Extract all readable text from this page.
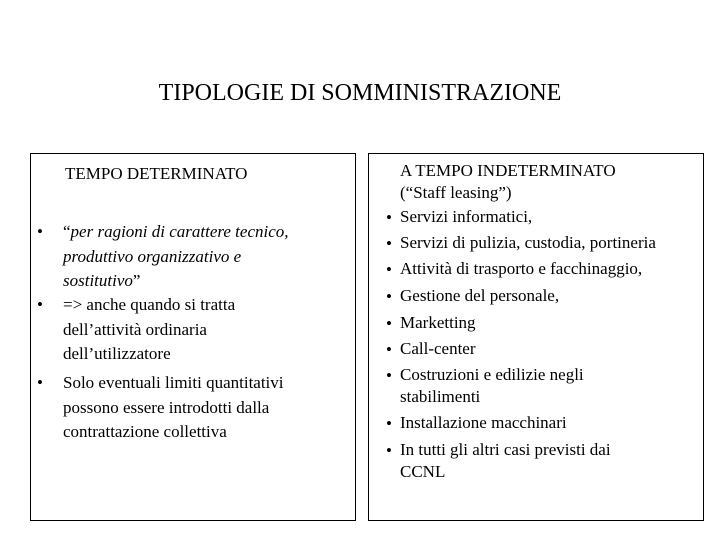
TIPOLOGIE DI SOMMINISTRAZIONE
TEMPO DETERMINATO
• “per ragioni di carattere tecnico,
produttivo organizzativo e
sostitutivo”
• => anche quando si tratta
dell’attività ordinaria
dell’utilizzatore
• Solo eventuali limiti quantitativi
possono essere introdotti dalla
contrattazione collettiva
A TEMPO INDETERMINATO
(“Staff leasing”)
• Servizi informatici,
• Servizi di pulizia, custodia, portineria
• Attività di trasporto e facchinaggio,
• Gestione del personale,
• Marketting
• Call-center
• Costruzioni e edilizie negli
stabilimenti
• Installazione macchinari
• In tutti gli altri casi previsti dai
CCNL
